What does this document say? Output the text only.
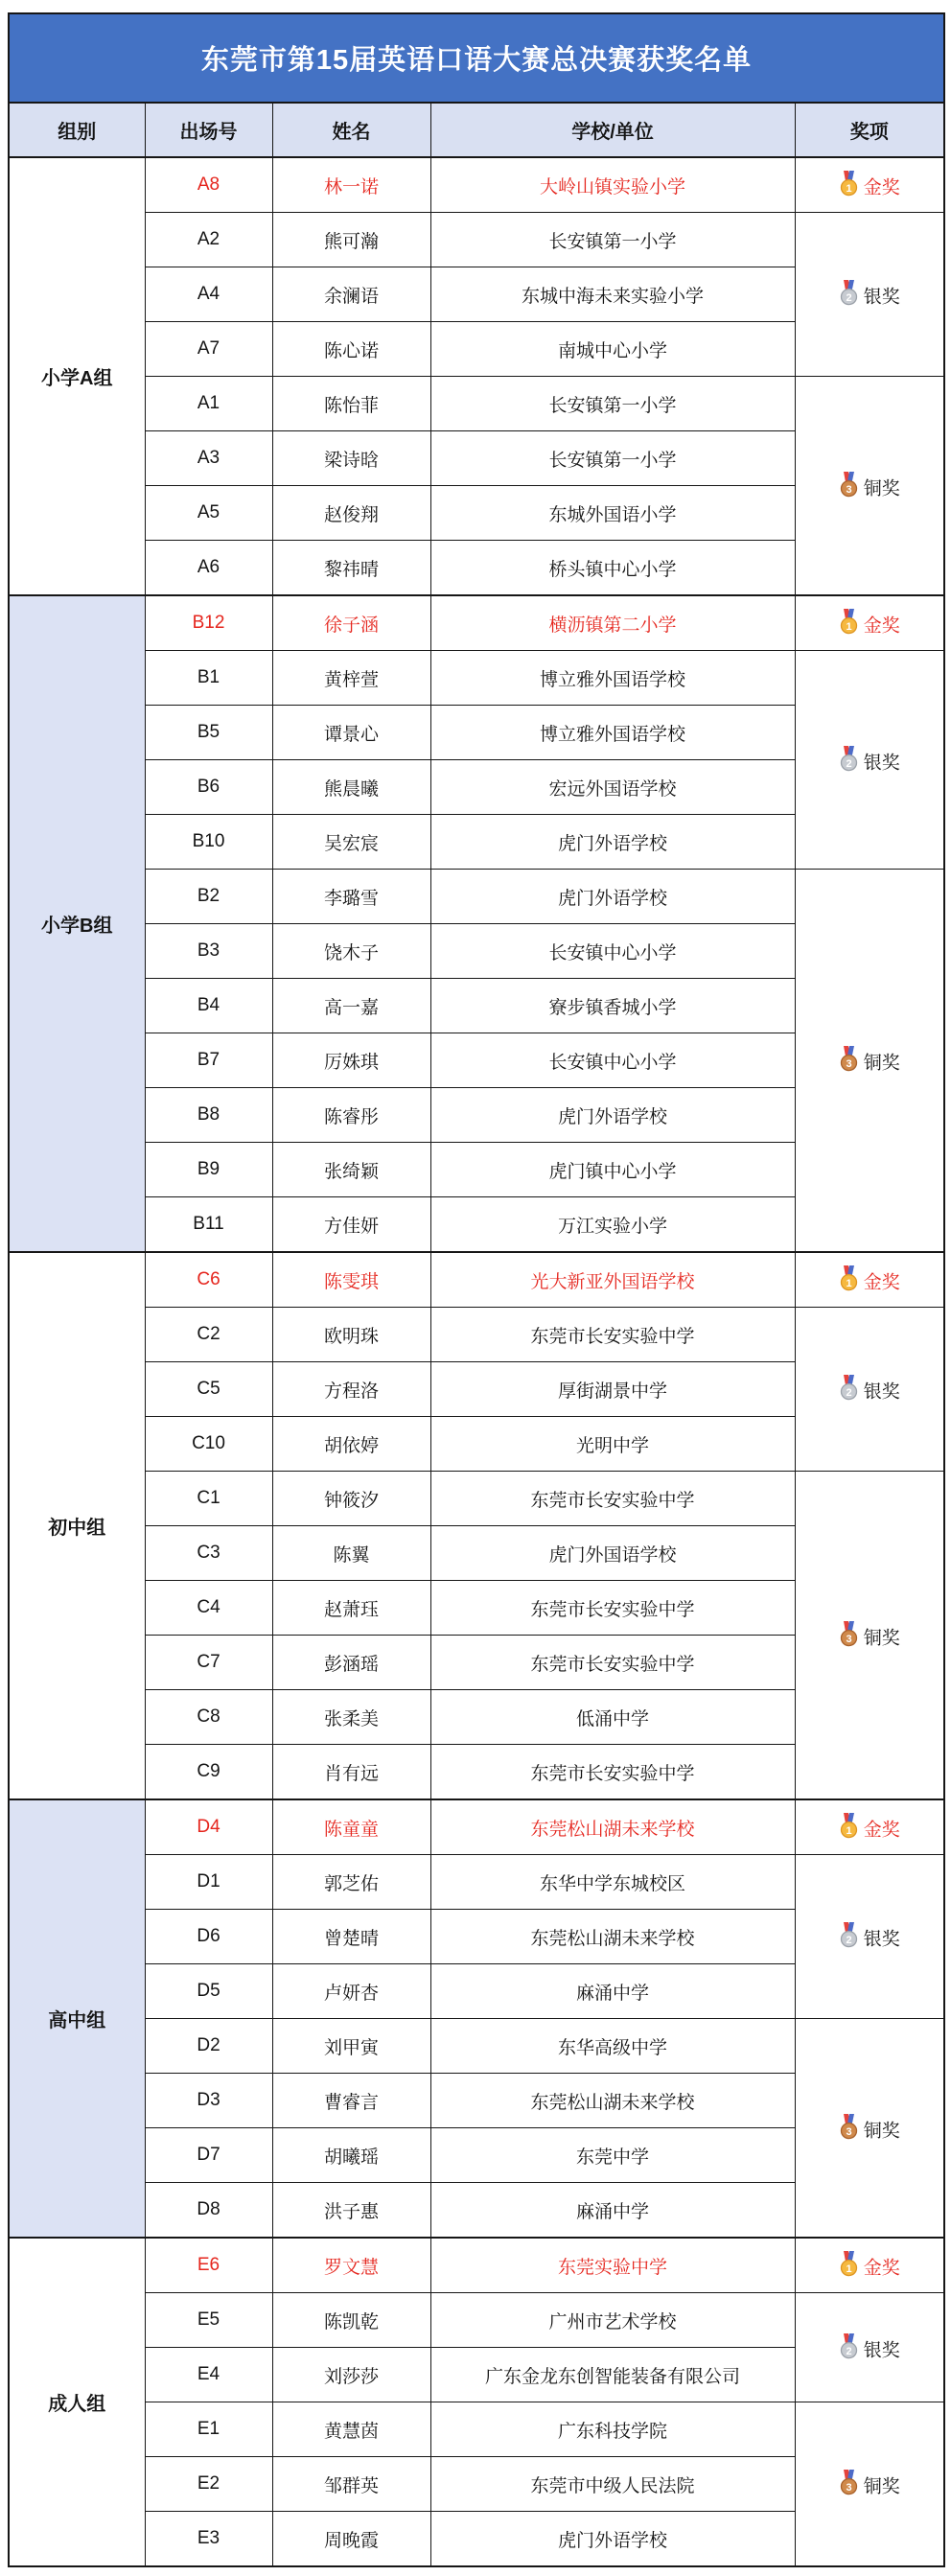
东莞市第15届英语口语大赛总决赛获奖名单				
组别	出场号	姓名	学校/单位	奖项
小学A组	A8	林一诺	大岭山镇实验小学	1 金奖
	A2	熊可瀚	长安镇第一小学	2 银奖
	A4	余澜语	东城中海未来实验小学	
	A7	陈心诺	南城中心小学	
	A1	陈怡菲	长安镇第一小学	3 铜奖
	A3	梁诗晗	长安镇第一小学	
	A5	赵俊翔	东城外国语小学	
	A6	黎祎晴	桥头镇中心小学	
小学B组	B12	徐子涵	横沥镇第二小学	1 金奖
	B1	黄梓萱	博立雅外国语学校	2 银奖
	B5	谭景心	博立雅外国语学校	
	B6	熊晨曦	宏远外国语学校	
	B10	吴宏宸	虎门外语学校	
	B2	李璐雪	虎门外语学校	3 铜奖
	B3	饶木子	长安镇中心小学	
	B4	高一嘉	寮步镇香城小学	
	B7	厉姝琪	长安镇中心小学	
	B8	陈睿彤	虎门外语学校	
	B9	张绮颖	虎门镇中心小学	
	B11	方佳妍	万江实验小学	
初中组	C6	陈雯琪	光大新亚外国语学校	1 金奖
	C2	欧明珠	东莞市长安实验中学	2 银奖
	C5	方程洛	厚街湖景中学	
	C10	胡依婷	光明中学	
	C1	钟筱汐	东莞市长安实验中学	3 铜奖
	C3	陈翼	虎门外国语学校	
	C4	赵萧珏	东莞市长安实验中学	
	C7	彭涵瑶	东莞市长安实验中学	
	C8	张柔美	低涌中学	
	C9	肖有远	东莞市长安实验中学	
高中组	D4	陈童童	东莞松山湖未来学校	1 金奖
	D1	郭芝佑	东华中学东城校区	2 银奖
	D6	曾楚晴	东莞松山湖未来学校	
	D5	卢妍杏	麻涌中学	
	D2	刘甲寅	东华高级中学	3 铜奖
	D3	曹睿言	东莞松山湖未来学校	
	D7	胡曦瑶	东莞中学	
	D8	洪子惠	麻涌中学	
成人组	E6	罗文慧	东莞实验中学	1 金奖
	E5	陈凯乾	广州市艺术学校	2 银奖
	E4	刘莎莎	广东金龙东创智能装备有限公司	
	E1	黄慧茵	广东科技学院	3 铜奖
	E2	邹群英	东莞市中级人民法院	
	E3	周晚霞	虎门外语学校	
